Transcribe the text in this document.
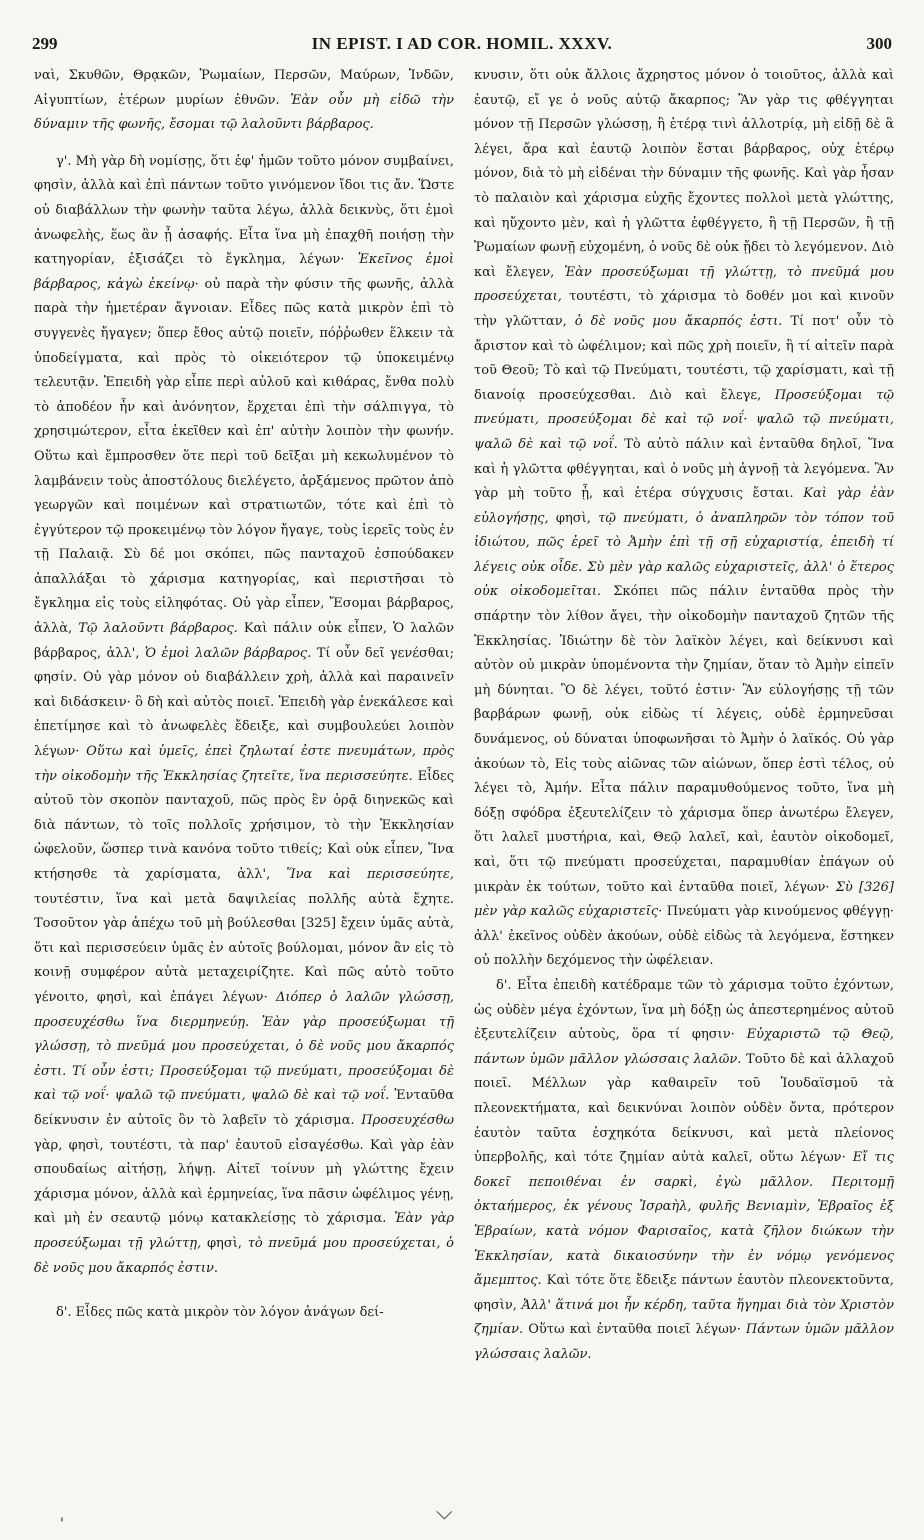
299	IN EPIST. I AD COR. HOMIL. XXXV.	300

ναὶ, Σκυθῶν, Θρᾳκῶν, Ῥωμαίων, Περσῶν, Μαύρων, Ἰνδῶν, Αἰγυπτίων, ἑτέρων μυρίων ἐθνῶν. Ἐὰν οὖν μὴ εἰδῶ τὴν δύναμιν τῆς φωνῆς, ἔσομαι τῷ λαλοῦντι βάρβαρος.

γ'. Μὴ γὰρ δὴ νομίσῃς, ὅτι ἐφ' ἡμῶν τοῦτο μόνον συμβαίνει, φησὶν, ἀλλὰ καὶ ἐπὶ πάντων τοῦτο γινόμενον ἴδοι τις ἄν. Ὥστε οὐ διαβάλλων τὴν φωνὴν ταῦτα λέγω, ἀλλὰ δεικνὺς, ὅτι ἐμοὶ ἀνωφελὴς, ἕως ἂν ᾖ ἀσαφής. Εἶτα ἵνα μὴ ἐπαχθῆ ποιήσῃ τὴν κατηγορίαν, ἐξισάζει τὸ ἔγκλημα, λέγων· Ἐκεῖνος ἐμοὶ βάρβαρος, κἀγὼ ἐκείνῳ· οὐ παρὰ τὴν φύσιν τῆς φωνῆς, ἀλλὰ παρὰ τὴν ἡμετέραν ἄγνοιαν. Εἶδες πῶς κατὰ μικρὸν ἐπὶ τὸ συγγενὲς ἤγαγεν; ὅπερ ἔθος αὐτῷ ποιεῖν, πόῤῥωθεν ἕλκειν τὰ ὑποδείγματα, καὶ πρὸς τὸ οἰκειότερον τῷ ὑποκειμένῳ τελευτᾷν. Ἐπειδὴ γὰρ εἶπε περὶ αὐλοῦ καὶ κιθάρας, ἔνθα πολὺ τὸ ἀποδέον ἦν καὶ ἀνόνητον, ἔρχεται ἐπὶ τὴν σάλπιγγα, τὸ χρησιμώτερον, εἶτα ἐκεῖθεν καὶ ἐπ' αὐτὴν λοιπὸν τὴν φωνήν. Οὕτω καὶ ἔμπροσθεν ὅτε περὶ τοῦ δεῖξαι μὴ κεκωλυμένον τὸ λαμβάνειν τοὺς ἀποστόλους διελέγετο, ἀρξάμενος πρῶτον ἀπὸ γεωργῶν καὶ ποιμένων καὶ στρατιωτῶν, τότε καὶ ἐπὶ τὸ ἐγγύτερον τῷ προκειμένῳ τὸν λόγον ἤγαγε, τοὺς ἱερεῖς τοὺς ἐν τῇ Παλαιᾷ. Σὺ δέ μοι σκόπει, πῶς πανταχοῦ ἐσπούδακεν ἀπαλλάξαι τὸ χάρισμα κατηγορίας, καὶ περιστῆσαι τὸ ἔγκλημα εἰς τοὺς εἰληφότας. Οὐ γὰρ εἶπεν, Ἔσομαι βάρβαρος, ἀλλὰ, Τῷ λαλοῦντι βάρβαρος. Καὶ πάλιν οὐκ εἶπεν, Ὁ λαλῶν βάρβαρος, ἀλλ', Ὁ ἐμοὶ λαλῶν βάρβαρος. Τί οὖν δεῖ γενέσθαι; φησίν. Οὐ γὰρ μόνον οὐ διαβάλλειν χρὴ, ἀλλὰ καὶ παραινεῖν καὶ διδάσκειν· ὃ δὴ καὶ αὐτὸς ποιεῖ. Ἐπειδὴ γὰρ ἐνεκάλεσε καὶ ἐπετίμησε καὶ τὸ ἀνωφελὲς ἔδειξε, καὶ συμβουλεύει λοιπὸν λέγων· Οὕτω καὶ ὑμεῖς, ἐπεὶ ζηλωταί ἐστε πνευμάτων, πρὸς τὴν οἰκοδομὴν τῆς Ἐκκλησίας ζητεῖτε, ἵνα περισσεύητε. Εἶδες αὐτοῦ τὸν σκοπὸν πανταχοῦ, πῶς πρὸς ἓν ὁρᾷ διηνεκῶς καὶ διὰ πάντων, τὸ τοῖς πολλοῖς χρήσιμον, τὸ τὴν Ἐκκλησίαν ὠφελοῦν, ὥσπερ τινὰ κανόνα τοῦτο τιθείς; Καὶ οὐκ εἶπεν, Ἵνα κτήσησθε τὰ χαρίσματα, ἀλλ', Ἵνα καὶ περισσεύητε, τουτέστιν, ἵνα καὶ μετὰ δαψιλείας πολλῆς αὐτὰ ἔχητε. Τοσοῦτον γὰρ ἀπέχω τοῦ μὴ βούλεσθαι [325] ἔχειν ὑμᾶς αὐτὰ, ὅτι καὶ περισσεύειν ὑμᾶς ἐν αὐτοῖς βούλομαι, μόνον ἂν εἰς τὸ κοινῇ συμφέρον αὐτὰ μεταχειρίζητε. Καὶ πῶς αὐτὸ τοῦτο γένοιτο, φησὶ, καὶ ἐπάγει λέγων· Διόπερ ὁ λαλῶν γλώσσῃ, προσευχέσθω ἵνα διερμηνεύῃ. Ἐὰν γὰρ προσεύξωμαι τῇ γλώσσῃ, τὸ πνεῦμά μου προσεύχεται, ὁ δὲ νοῦς μου ἄκαρπός ἐστι. Τί οὖν ἐστι; Προσεύξομαι τῷ πνεύματι, προσεύξομαι δὲ καὶ τῷ νοΐ· ψαλῶ τῷ πνεύματι, ψαλῶ δὲ καὶ τῷ νοΐ. Ἐνταῦθα δείκνυσιν ἐν αὐτοῖς ὂν τὸ λαβεῖν τὸ χάρισμα. Προσευχέσθω γὰρ, φησὶ, τουτέστι, τὰ παρ' ἑαυτοῦ εἰσαγέσθω. Καὶ γὰρ ἐὰν σπουδαίως αἰτήσῃ, λήψῃ. Αἰτεῖ τοίνυν μὴ γλώττης ἔχειν χάρισμα μόνον, ἀλλὰ καὶ ἑρμηνείας, ἵνα πᾶσιν ὠφέλιμος γένῃ, καὶ μὴ ἐν σεαυτῷ μόνῳ κατακλείσῃς τὸ χάρισμα. Ἐὰν γὰρ προσεύξωμαι τῇ γλώττῃ, φησὶ, τὸ πνεῦμά μου προσεύχεται, ὁ δὲ νοῦς μου ἄκαρπός ἐστιν.

δ'. Εἶδες πῶς κατὰ μικρὸν τὸν λόγον ἀνάγων δεί-

κνυσιν, ὅτι οὐκ ἄλλοις ἄχρηστος μόνον ὁ τοιοῦτος, ἀλλὰ καὶ ἑαυτῷ, εἴ γε ὁ νοῦς αὐτῷ ἄκαρπος; Ἂν γὰρ τις φθέγγηται μόνον τῇ Περσῶν γλώσσῃ, ἢ ἑτέρᾳ τινὶ ἀλλοτρίᾳ, μὴ εἰδῇ δὲ ἃ λέγει, ἄρα καὶ ἑαυτῷ λοιπὸν ἔσται βάρβαρος, οὐχ ἑτέρῳ μόνον, διὰ τὸ μὴ εἰδέναι τὴν δύναμιν τῆς φωνῆς. Καὶ γὰρ ἦσαν τὸ παλαιὸν καὶ χάρισμα εὐχῆς ἔχοντες πολλοὶ μετὰ γλώττης, καὶ ηὔχοντο μὲν, καὶ ἡ γλῶττα ἐφθέγγετο, ἢ τῇ Περσῶν, ἢ τῇ Ῥωμαίων φωνῇ εὐχομένη, ὁ νοῦς δὲ οὐκ ᾔδει τὸ λεγόμενον. Διὸ καὶ ἔλεγεν, Ἐὰν προσεύξωμαι τῇ γλώττῃ, τὸ πνεῦμά μου προσεύχεται, τουτέστι, τὸ χάρισμα τὸ δοθέν μοι καὶ κινοῦν τὴν γλῶτταν, ὁ δὲ νοῦς μου ἄκαρπός ἐστι. Τί ποτ' οὖν τὸ ἄριστον καὶ τὸ ὠφέλιμον; καὶ πῶς χρὴ ποιεῖν, ἢ τί αἰτεῖν παρὰ τοῦ Θεοῦ; Τὸ καὶ τῷ Πνεύματι, τουτέστι, τῷ χαρίσματι, καὶ τῇ διανοίᾳ προσεύχεσθαι. Διὸ καὶ ἔλεγε, Προσεύξομαι τῷ πνεύματι, προσεύξομαι δὲ καὶ τῷ νοΐ· ψαλῶ τῷ πνεύματι, ψαλῶ δὲ καὶ τῷ νοΐ. Τὸ αὐτὸ πάλιν καὶ ἐνταῦθα δηλοῖ, Ἵνα καὶ ἡ γλῶττα φθέγγηται, καὶ ὁ νοῦς μὴ ἀγνοῇ τὰ λεγόμενα. Ἂν γὰρ μὴ τοῦτο ᾖ, καὶ ἑτέρα σύγχυσις ἔσται. Καὶ γὰρ ἐὰν εὐλογήσῃς, φησὶ, τῷ πνεύματι, ὁ ἀναπληρῶν τὸν τόπον τοῦ ἰδιώτου, πῶς ἐρεῖ τὸ Ἀμὴν ἐπὶ τῇ σῇ εὐχαριστίᾳ, ἐπειδὴ τί λέγεις οὐκ οἶδε. Σὺ μὲν γὰρ καλῶς εὐχαριστεῖς, ἀλλ' ὁ ἕτερος οὐκ οἰκοδομεῖται. Σκόπει πῶς πάλιν ἐνταῦθα πρὸς τὴν σπάρτην τὸν λίθον ἄγει, τὴν οἰκοδομὴν πανταχοῦ ζητῶν τῆς Ἐκκλησίας. Ἰδιώτην δὲ τὸν λαϊκὸν λέγει, καὶ δείκνυσι καὶ αὐτὸν οὐ μικρὰν ὑπομένοντα τὴν ζημίαν, ὅταν τὸ Ἀμὴν εἰπεῖν μὴ δύνηται. Ὃ δὲ λέγει, τοῦτό ἐστιν· Ἂν εὐλογήσῃς τῇ τῶν βαρβάρων φωνῇ, οὐκ εἰδὼς τί λέγεις, οὐδὲ ἑρμηνεῦσαι δυνάμενος, οὐ δύναται ὑποφωνῆσαι τὸ Ἀμὴν ὁ λαϊκός. Οὐ γὰρ ἀκούων τὸ, Εἰς τοὺς αἰῶνας τῶν αἰώνων, ὅπερ ἐστὶ τέλος, οὐ λέγει τὸ, Ἀμήν. Εἶτα πάλιν παραμυθούμενος τοῦτο, ἵνα μὴ δόξῃ σφόδρα ἐξευτελίζειν τὸ χάρισμα ὅπερ ἀνωτέρω ἔλεγεν, ὅτι λαλεῖ μυστήρια, καὶ, Θεῷ λαλεῖ, καὶ, ἑαυτὸν οἰκοδομεῖ, καὶ, ὅτι τῷ πνεύματι προσεύχεται, παραμυθίαν ἐπάγων οὐ μικρὰν ἐκ τούτων, τοῦτο καὶ ἐνταῦθα ποιεῖ, λέγων· Σὺ [326] μὲν γὰρ καλῶς εὐχαριστεῖς· Πνεύματι γὰρ κινούμενος φθέγγῃ· ἀλλ' ἐκεῖνος οὐδὲν ἀκούων, οὐδὲ εἰδὼς τὰ λεγόμενα, ἕστηκεν οὐ πολλὴν δεχόμενος τὴν ὠφέλειαν.

δ'. Εἶτα ἐπειδὴ κατέδραμε τῶν τὸ χάρισμα τοῦτο ἐχόντων, ὡς οὐδὲν μέγα ἐχόντων, ἵνα μὴ δόξῃ ὡς ἀπεστερημένος αὐτοῦ ἐξευτελίζειν αὐτοὺς, ὅρα τί φησιν· Εὐχαριστῶ τῷ Θεῷ, πάντων ὑμῶν μᾶλλον γλώσσαις λαλῶν. Τοῦτο δὲ καὶ ἀλλαχοῦ ποιεῖ. Μέλλων γὰρ καθαιρεῖν τοῦ Ἰουδαϊσμοῦ τὰ πλεονεκτήματα, καὶ δεικνύναι λοιπὸν οὐδὲν ὄντα, πρότερον ἑαυτὸν ταῦτα ἐσχηκότα δείκνυσι, καὶ μετὰ πλείονος ὑπερβολῆς, καὶ τότε ζημίαν αὐτὰ καλεῖ, οὕτω λέγων· Εἴ τις δοκεῖ πεποιθέναι ἐν σαρκὶ, ἐγὼ μᾶλλον. Περιτομῇ ὀκταήμερος, ἐκ γένους Ἰσραὴλ, φυλῆς Βενιαμὶν, Ἑβραῖος ἐξ Ἑβραίων, κατὰ νόμον Φαρισαῖος, κατὰ ζῆλον διώκων τὴν Ἐκκλησίαν, κατὰ δικαιοσύνην τὴν ἐν νόμῳ γενόμενος ἄμεμπτος. Καὶ τότε ὅτε ἔδειξε πάντων ἑαυτὸν πλεονεκτοῦντα, φησὶν, Ἀλλ' ἅτινά μοι ἦν κέρδη, ταῦτα ἥγημαι διὰ τὸν Χριστὸν ζημίαν. Οὕτω καὶ ἐνταῦθα ποιεῖ λέγων· Πάντων ὑμῶν μᾶλλον γλώσσαις λαλῶν.

'	⌵
